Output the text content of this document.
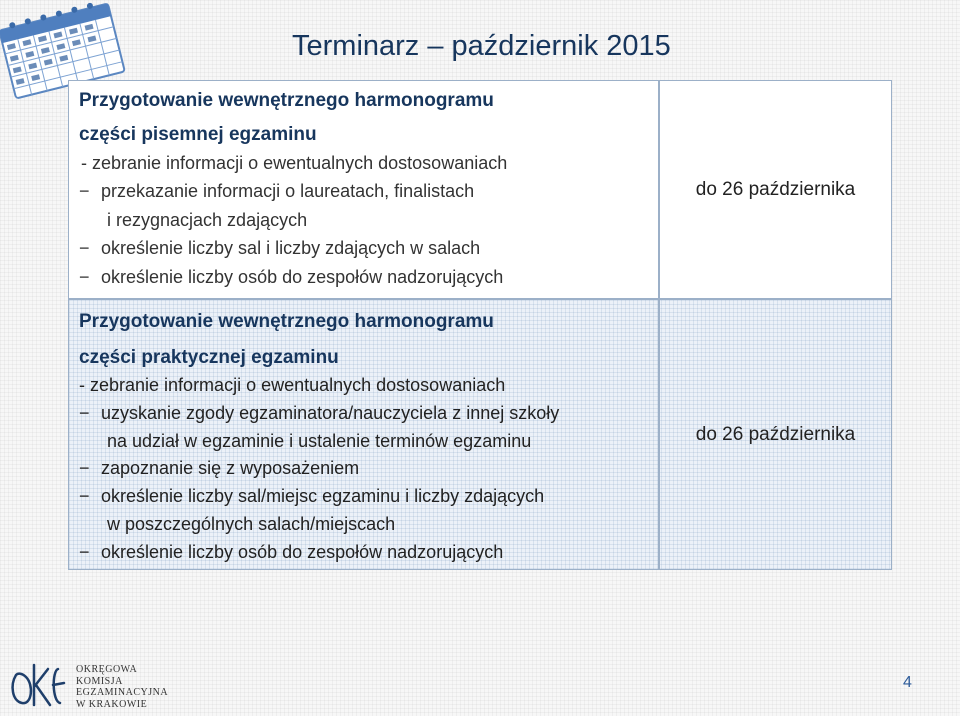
Terminarz – październik 2015

Przygotowanie wewnętrznego harmonogramu

części pisemnej egzaminu

- zebranie informacji o ewentualnych dostosowaniach

− przekazanie informacji o laureatach, finalistach

i rezygnacjach zdających

− określenie liczby sal i liczby zdających w salach

− określenie liczby osób do zespołów nadzorujących

do 26 października

Przygotowanie wewnętrznego harmonogramu

części praktycznej egzaminu

- zebranie informacji o ewentualnych dostosowaniach

− uzyskanie zgody egzaminatora/nauczyciela z innej szkoły

na udział w egzaminie i ustalenie terminów egzaminu

− zapoznanie się z wyposażeniem

− określenie liczby sal/miejsc egzaminu i liczby zdających

w poszczególnych salach/miejscach

− określenie liczby osób do zespołów nadzorujących

do 26 października
OKRĘGOWA
KOMISJA
EGZAMINACYJNA
W KRAKOWIE
4
